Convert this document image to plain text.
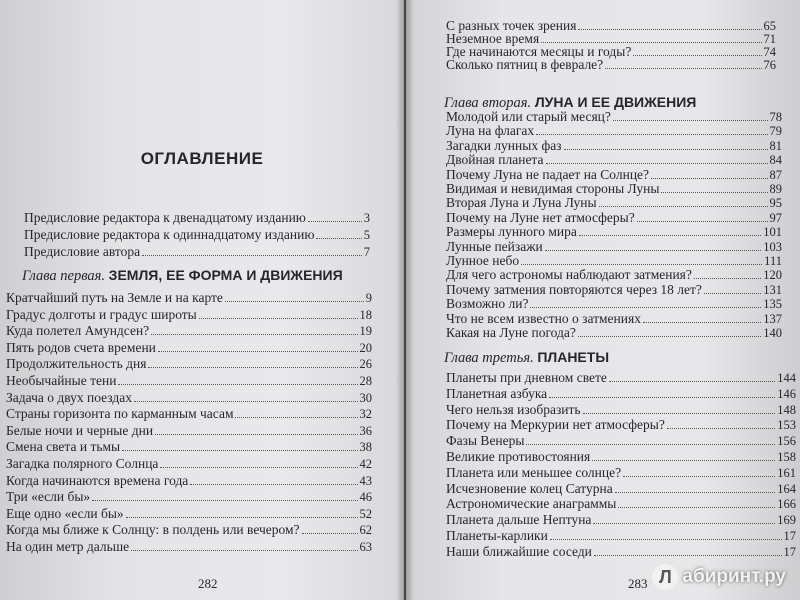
ОГЛАВЛЕНИЕ
Предисловие редактора к двенадцатому изданию	3
Предисловие редактора к одиннадцатому изданию	5
Предисловие автора	7
Глава первая. ЗЕМЛЯ, ЕЕ ФОРМА И ДВИЖЕНИЯ
Кратчайший путь на Земле и на карте	9
Градус долготы и градус широты	18
Куда полетел Амундсен?	19
Пять родов счета времени	20
Продолжительность дня	26
Необычайные тени	28
Задача о двух поездах	30
Страны горизонта по карманным часам	32
Белые ночи и черные дни	36
Смена света и тьмы	38
Загадка полярного Солнца	42
Когда начинаются времена года	43
Три «если бы»	46
Еще одно «если бы»	52
Когда мы ближе к Солнцу: в полдень или вечером?	62
На один метр дальше	63
282
С разных точек зрения	65
Неземное время	71
Где начинаются месяцы и годы?	74
Сколько пятниц в феврале?	76
Глава вторая. ЛУНА И ЕЕ ДВИЖЕНИЯ
Молодой или старый месяц?	78
Луна на флагах	79
Загадки лунных фаз	81
Двойная планета	84
Почему Луна не падает на Солнце?	87
Видимая и невидимая стороны Луны	89
Вторая Луна и Луна Луны	95
Почему на Луне нет атмосферы?	97
Размеры лунного мира	101
Лунные пейзажи	103
Лунное небо	111
Для чего астрономы наблюдают затмения?	120
Почему затмения повторяются через 18 лет?	131
Возможно ли?	135
Что не всем известно о затмениях	137
Какая на Луне погода?	140
Глава третья. ПЛАНЕТЫ
Планеты при дневном свете	144
Планетная азбука	146
Чего нельзя изобразить	148
Почему на Меркурии нет атмосферы?	153
Фазы Венеры	156
Великие противостояния	158
Планета или меньшее солнце?	161
Исчезновение колец Сатурна	164
Астрономические анаграммы	166
Планета дальше Нептуна	169
Планеты-карлики	17
Наши ближайшие соседи	17
283 Л абиринт.ру
